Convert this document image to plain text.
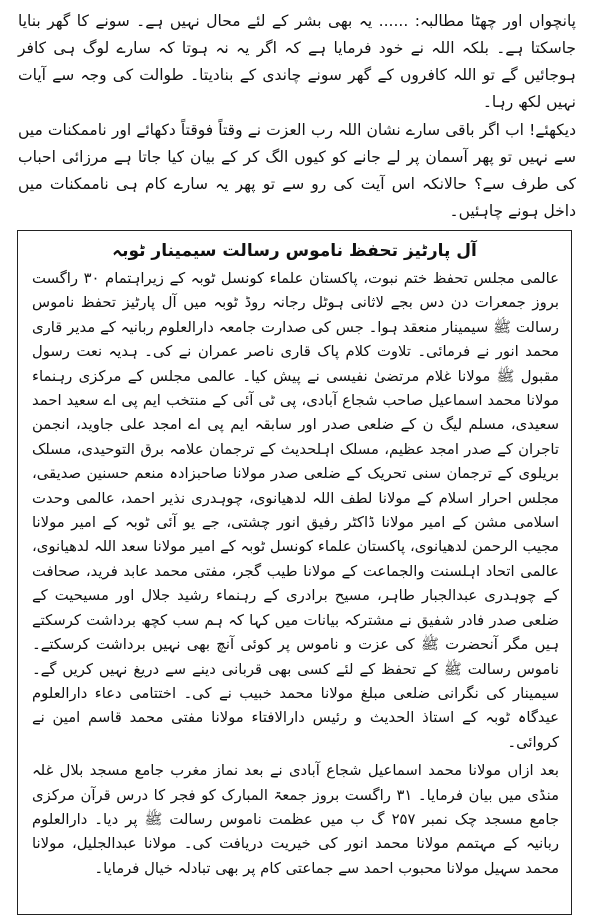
پانچواں اور چھٹا مطالبہ: ...... یہ بھی بشر کے لئے محال نہیں ہے۔ سونے کا گھر بنایا جاسکتا ہے۔ بلکہ اللہ نے خود فرمایا ہے کہ اگر یہ نہ ہوتا کہ سارے لوگ ہی کافر ہوجائیں گے تو اللہ کافروں کے گھر سونے چاندی کے بنادیتا۔ طوالت کی وجہ سے آیات نہیں لکھ رہا۔

دیکھئے! اب اگر باقی سارے نشان اللہ رب العزت نے وقتاً فوقتاً دکھائے اور ناممکنات میں سے نہیں تو پھر آسمان پر لے جانے کو کیوں الگ کر کے بیان کیا جاتا ہے مرزائی احباب کی طرف سے؟ حالانکہ اس آیت کی رو سے تو پھر یہ سارے کام ہی ناممکنات میں داخل ہونے چاہئیں۔

آل پارٹیز تحفظ ناموس رسالت سیمینار ٹوبہ

عالمی مجلس تحفظ ختم نبوت، پاکستان علماء کونسل ٹوبہ کے زیراہتمام ۳۰ راگست بروز جمعرات دن دس بجے لاثانی ہوٹل رجانہ روڈ ٹوبہ میں آل پارٹیز تحفظ ناموس رسالت ﷺ سیمینار منعقد ہوا۔ جس کی صدارت جامعہ دارالعلوم ربانیہ کے مدیر قاری محمد انور نے فرمائی۔ تلاوت کلام پاک قاری ناصر عمران نے کی۔ ہدیہ نعت رسول مقبول ﷺ مولانا غلام مرتضیٰ نفیسی نے پیش کیا۔ عالمی مجلس کے مرکزی رہنماء مولانا محمد اسماعیل صاحب شجاع آبادی، پی ٹی آئی کے منتخب ایم پی اے سعید احمد سعیدی، مسلم لیگ ن کے ضلعی صدر اور سابقہ ایم پی اے امجد علی جاوید، انجمن تاجران کے صدر امجد عظیم، مسلک اہلحدیث کے ترجمان علامہ برق التوحیدی، مسلک بریلوی کے ترجمان سنی تحریک کے ضلعی صدر مولانا صاحبزادہ منعم حسنین صدیقی، مجلس احرار اسلام کے مولانا لطف اللہ لدھیانوی، چوہدری نذیر احمد، عالمی وحدت اسلامی مشن کے امیر مولانا ڈاکٹر رفیق انور چشتی، جے یو آئی ٹوبہ کے امیر مولانا مجیب الرحمن لدھیانوی، پاکستان علماء کونسل ٹوبہ کے امیر مولانا سعد اللہ لدھیانوی، عالمی اتحاد اہلسنت والجماعت کے مولانا طیب گجر، مفتی محمد عابد فرید، صحافت کے چوہدری عبدالجبار طاہر، مسیح برادری کے رہنماء رشید جلال اور مسیحیت کے ضلعی صدر فادر شفیق نے مشترکہ بیانات میں کہا کہ ہم سب کچھ برداشت کرسکتے ہیں مگر آنحضرت ﷺ کی عزت و ناموس پر کوئی آنچ بھی نہیں برداشت کرسکتے۔ ناموس رسالت ﷺ کے تحفظ کے لئے کسی بھی قربانی دینے سے دریغ نہیں کریں گے۔ سیمینار کی نگرانی ضلعی مبلغ مولانا محمد خبیب نے کی۔ اختتامی دعاء دارالعلوم عیدگاہ ٹوبہ کے استاذ الحدیث و رئیس دارالافتاء مولانا مفتی محمد قاسم امین نے کروائی۔

بعد ازاں مولانا محمد اسماعیل شجاع آبادی نے بعد نماز مغرب جامع مسجد بلال غلہ منڈی میں بیان فرمایا۔ ۳۱ راگست بروز جمعۃ المبارک کو فجر کا درس قرآن مرکزی جامع مسجد چک نمبر ۲۵۷ گ ب میں عظمت ناموس رسالت ﷺ پر دیا۔ دارالعلوم ربانیہ کے مہتمم مولانا محمد انور کی خیریت دریافت کی۔ مولانا عبدالجلیل، مولانا محمد سہیل مولانا محبوب احمد سے جماعتی کام پر بھی تبادلہ خیال فرمایا۔
